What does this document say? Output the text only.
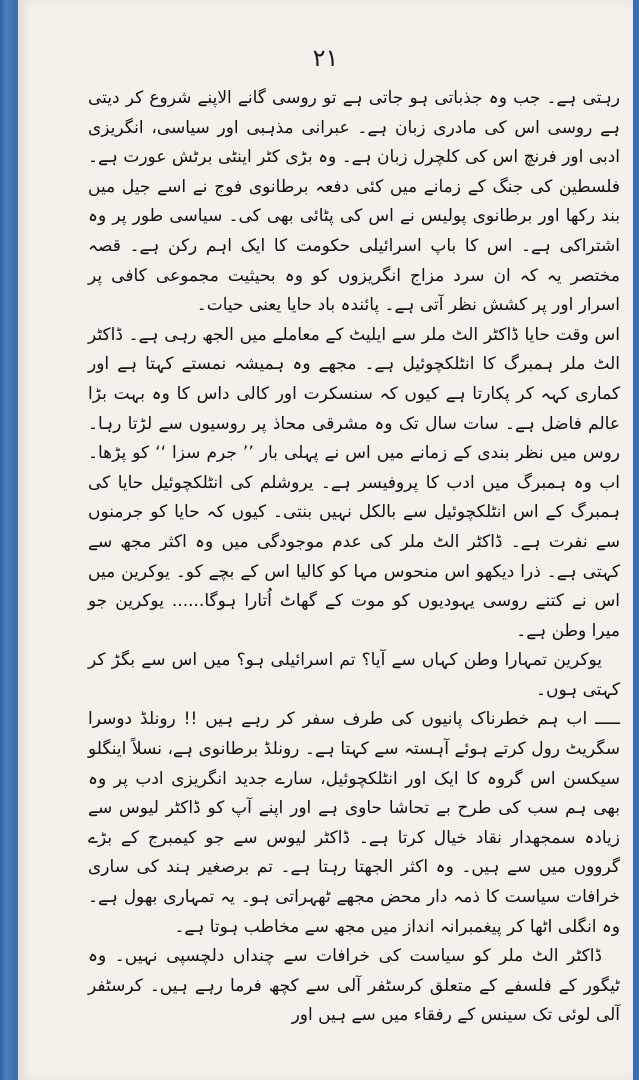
۲۱

رہتی ہے۔ جب وہ جذباتی ہو جاتی ہے تو روسی گانے الاپنے شروع کر دیتی ہے روسی اس کی مادری زبان ہے۔ عبرانی مذہبی اور سیاسی، انگریزی ادبی اور فرنچ اس کی کلچرل زبان ہے۔ وہ بڑی کٹر اینٹی برٹش عورت ہے۔ فلسطین کی جنگ کے زمانے میں کئی دفعہ برطانوی فوج نے اسے جیل میں بند رکھا اور برطانوی پولیس نے اس کی پٹائی بھی کی۔ سیاسی طور پر وہ اشتراکی ہے۔ اس کا باپ اسرائیلی حکومت کا ایک اہم رکن ہے۔ قصہ مختصر یہ کہ ان سرد مزاج انگریزوں کو وہ بحیثیت مجموعی کافی پر اسرار اور پر کشش نظر آتی ہے۔ پائندہ باد حایا یعنی حیات۔

اس وقت حایا ڈاکٹر الٹ ملر سے ایلیٹ کے معاملے میں الجھ رہی ہے۔ ڈاکٹر الٹ ملر ہمبرگ کا انٹلکچوئیل ہے۔ مجھے وہ ہمیشہ نمستے کہتا ہے اور کماری کہہ کر پکارتا ہے کیوں کہ سنسکرت اور کالی داس کا وہ بہت بڑا عالم فاضل ہے۔ سات سال تک وہ مشرقی محاذ پر روسیوں سے لڑتا رہا۔ روس میں نظر بندی کے زمانے میں اس نے پہلی بار ’’ جرم سزا ‘‘ کو پڑھا۔ اب وہ ہمبرگ میں ادب کا پروفیسر ہے۔ یروشلم کی انٹلکچوئیل حایا کی ہمبرگ کے اس انٹلکچوئیل سے بالکل نہیں بنتی۔ کیوں کہ حایا کو جرمنوں سے نفرت ہے۔ ڈاکٹر الٹ ملر کی عدم موجودگی میں وہ اکثر مجھ سے کہتی ہے۔ ذرا دیکھو اس منحوس مہا کو کالیا اس کے بچے کو۔ یوکرین میں اس نے کتنے روسی یہودیوں کو موت کے گھاٹ اُتارا ہوگا...... یوکرین جو میرا وطن ہے۔

یوکرین تمہارا وطن کہاں سے آیا؟ تم اسرائیلی ہو؟ میں اس سے بگڑ کر کہتی ہوں۔

ـــــ اب ہم خطرناک پانیوں کی طرف سفر کر رہے ہیں !! رونلڈ دوسرا سگریٹ رول کرتے ہوئے آہستہ سے کہتا ہے۔ رونلڈ برطانوی ہے، نسلاً اینگلو سیکسن اس گروہ کا ایک اور انٹلکچوئیل، سارے جدید انگریزی ادب پر وہ بھی ہم سب کی طرح بے تحاشا حاوی ہے اور اپنے آپ کو ڈاکٹر لیوس سے زیادہ سمجھدار نقاد خیال کرتا ہے۔ ڈاکٹر لیوس سے جو کیمبرج کے بڑے گرووں میں سے ہیں۔ وہ اکثر الجھتا رہتا ہے۔ تم برصغیر ہند کی ساری خرافات سیاست کا ذمہ دار محض مجھے ٹھہراتی ہو۔ یہ تمہاری بھول ہے۔ وہ انگلی اٹھا کر پیغمبرانہ انداز میں مجھ سے مخاطب ہوتا ہے۔

ڈاکٹر الٹ ملر کو سیاست کی خرافات سے چنداں دلچسپی نہیں۔ وہ ٹیگور کے فلسفے کے متعلق کرسٹفر آلی سے کچھ فرما رہے ہیں۔ کرسٹفر آلی لوئی تک سینس کے رفقاء میں سے ہیں اور
